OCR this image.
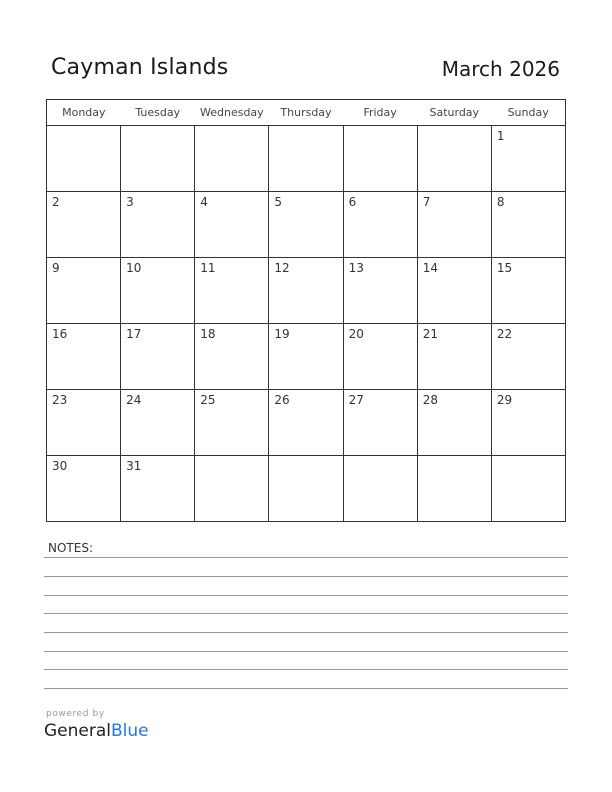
Cayman Islands	March 2026
Monday	Tuesday	Wednesday	Thursday	Friday	Saturday	Sunday

						1

2	3	4	5	6	7	8

9	10	11	12	13	14	15

16	17	18	19	20	21	22

23	24	25	26	27	28	29

30	31					

NOTES:
powered by
GeneralBlue
